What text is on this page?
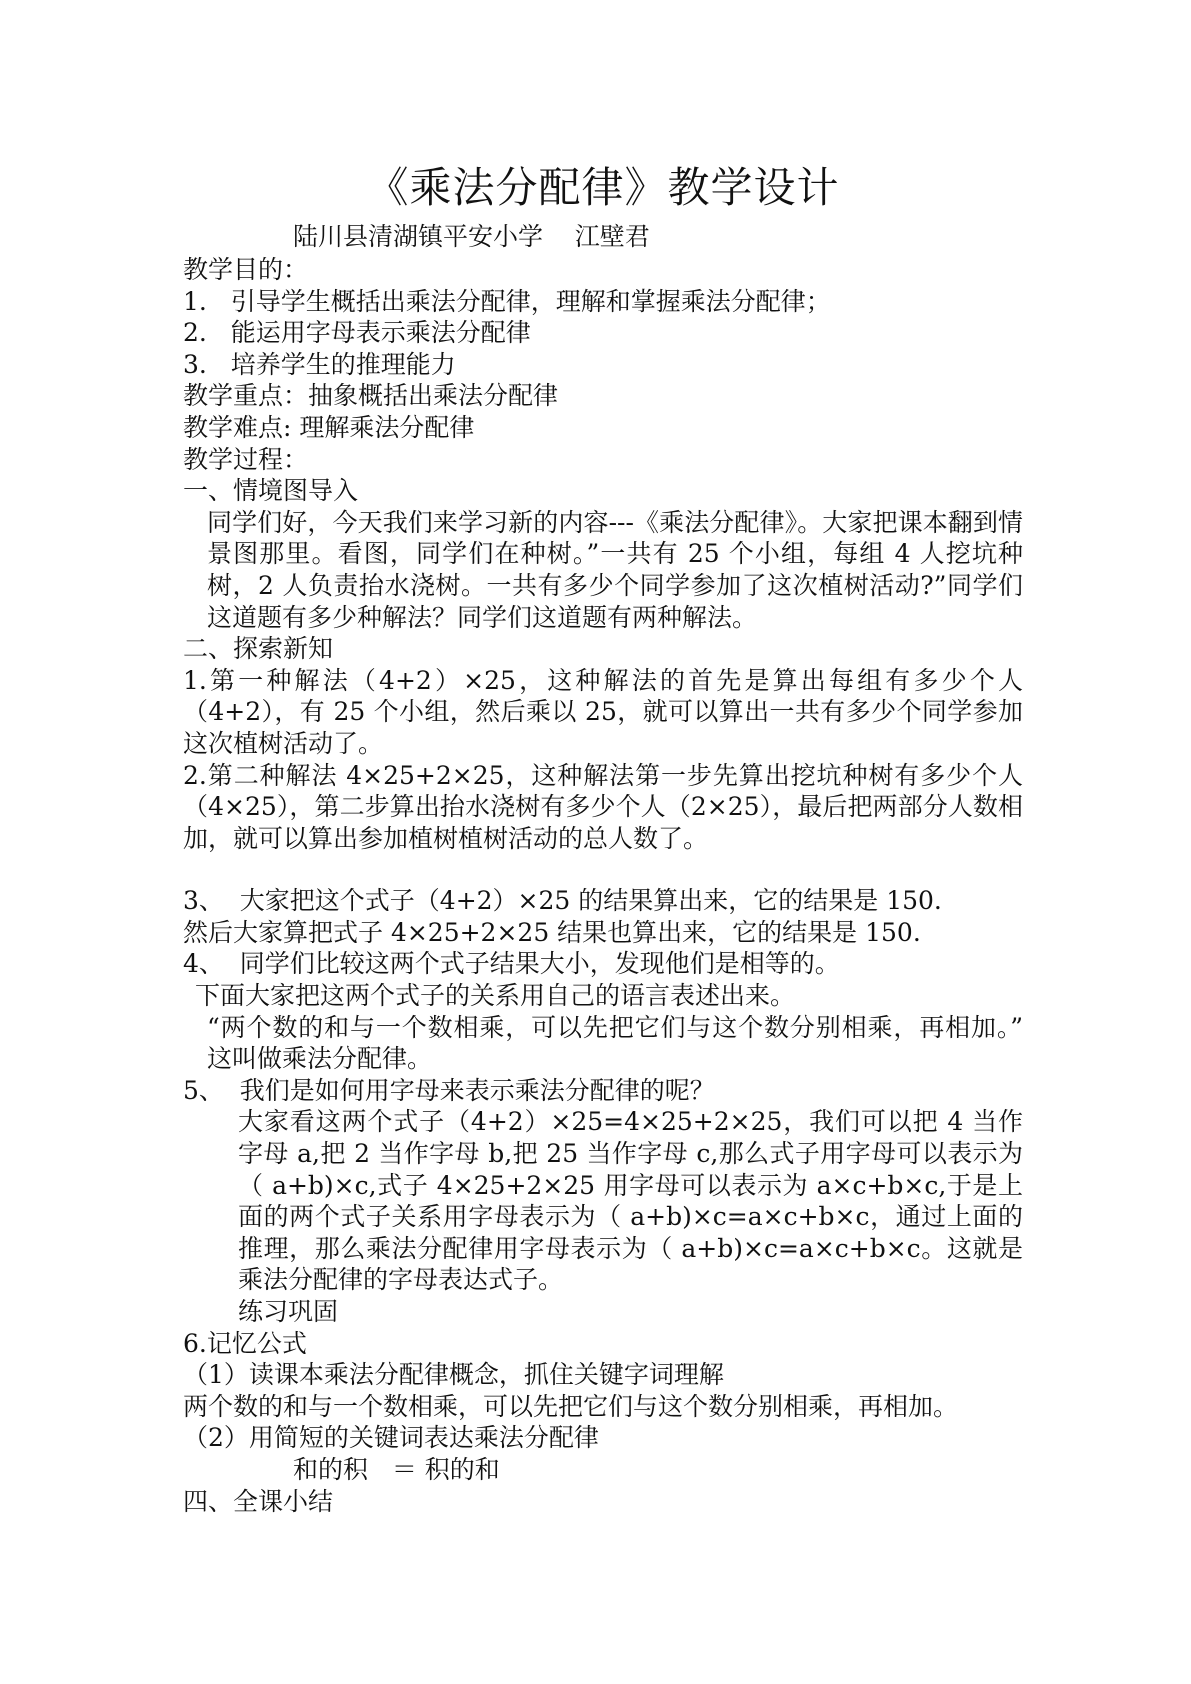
《乘法分配律》教学设计
陆川县清湖镇平安小学    江壁君

教学目的：

1.   引导学生概括出乘法分配律，理解和掌握乘法分配律；

2.   能运用字母表示乘法分配律

3.   培养学生的推理能力

教学重点：抽象概括出乘法分配律

教学难点: 理解乘法分配律

教学过程：

一、情境图导入

同学们好，今天我们来学习新的内容---《乘法分配律》。大家把课本翻到情景图那里。看图，同学们在种树。”一共有 25 个小组，每组 4 人挖坑种树，2 人负责抬水浇树。一共有多少个同学参加了这次植树活动?”同学们这道题有多少种解法？同学们这道题有两种解法。

二、探索新知

1.第一种解法（4+2）×25，这种解法的首先是算出每组有多少个人（4+2），有 25 个小组，然后乘以 25，就可以算出一共有多少个同学参加这次植树活动了。

2.第二种解法 4×25+2×25，这种解法第一步先算出挖坑种树有多少个人（4×25），第二步算出抬水浇树有多少个人（2×25），最后把两部分人数相加，就可以算出参加植树植树活动的总人数了。

3、  大家把这个式子（4+2）×25 的结果算出来，它的结果是 150.

然后大家算把式子 4×25+2×25 结果也算出来，它的结果是 150.

4、  同学们比较这两个式子结果大小，发现他们是相等的。

下面大家把这两个式子的关系用自己的语言表述出来。

“两个数的和与一个数相乘，可以先把它们与这个数分别相乘，再相加。” 这叫做乘法分配律。

5、  我们是如何用字母来表示乘法分配律的呢？

大家看这两个式子（4+2）×25=4×25+2×25，我们可以把 4 当作字母 a,把 2 当作字母 b,把 25 当作字母 c,那么式子用字母可以表示为（ a+b)×c,式子 4×25+2×25 用字母可以表示为 a×c+b×c,于是上面的两个式子关系用字母表示为（ a+b)×c=a×c+b×c，通过上面的推理，那么乘法分配律用字母表示为（ a+b)×c=a×c+b×c。这就是乘法分配律的字母表达式子。

练习巩固

6.记忆公式

（1）读课本乘法分配律概念，抓住关键字词理解

两个数的和与一个数相乘，可以先把它们与这个数分别相乘，再相加。

（2）用简短的关键词表达乘法分配律

和的积   ＝ 积的和

四、全课小结
